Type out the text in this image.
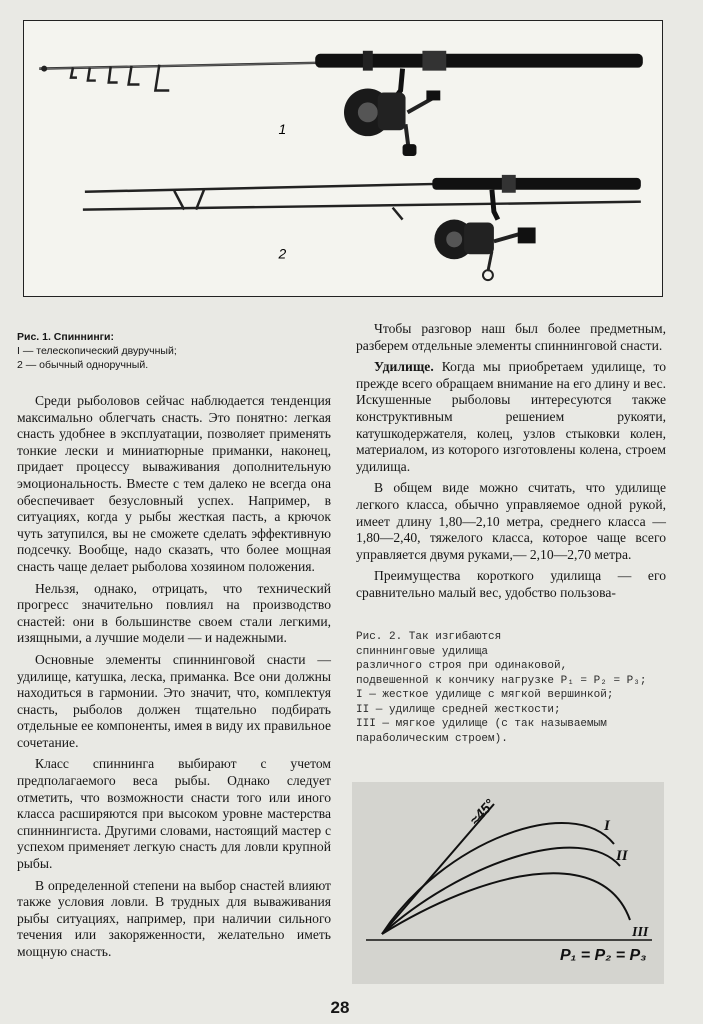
1
2
Рис. 1. Спиннинги:
I — телескопический двуручный;
2 — обычный одноручный.

Среди рыболовов сейчас наблюдается тенденция максимально облегчать снасть. Это понятно: легкая снасть удобнее в эксплуатации, позволяет применять тонкие лески и миниатюрные приманки, наконец, придает процессу вываживания дополнительную эмоциональность. Вместе с тем далеко не всегда она обеспечивает безусловный успех. Например, в ситуациях, когда у рыбы жесткая пасть, а крючок чуть затупился, вы не сможете сделать эффективную подсечку. Вообще, надо сказать, что более мощная снасть чаще делает рыболова хозяином положения.

Нельзя, однако, отрицать, что технический прогресс значительно повлиял на производство снастей: они в большинстве своем стали легкими, изящными, а лучшие модели — и надежными.

Основные элементы спиннинговой снасти — удилище, катушка, леска, приманка. Все они должны находиться в гармонии. Это значит, что, комплектуя снасть, рыболов должен тщательно подбирать отдельные ее компоненты, имея в виду их правильное сочетание.

Класс спиннинга выбирают с учетом предполагаемого веса рыбы. Однако следует отметить, что возможности снасти того или иного класса расширяются при высоком уровне мастерства спиннингиста. Другими словами, настоящий мастер с успехом применяет легкую снасть для ловли крупной рыбы.

В определенной степени на выбор снастей влияют также условия ловли. В трудных для вываживания рыбы ситуациях, например, при наличии сильного течения или закоряженности, желательно иметь мощную снасть.

Чтобы разговор наш был более предметным, разберем отдельные элементы спиннинговой снасти.

Удилище. Когда мы приобретаем удилище, то прежде всего обращаем внимание на его длину и вес. Искушенные рыболовы интересуются также конструктивным решением рукояти, катушкодержателя, колец, узлов стыковки колен, материалом, из которого изготовлены колена, строем удилища.

В общем виде можно считать, что удилище легкого класса, обычно управляемое одной рукой, имеет длину 1,80—2,10 метра, среднего класса — 1,80—2,40, тяжелого класса, которое чаще всего управляется двумя руками,— 2,10—2,70 метра.

Преимущества короткого удилища — его сравнительно малый вес, удобство пользова-

Рис. 2. Так изгибаются
спиннинговые удилища
различного строя при одинаковой,
подвешенной к кончику нагрузке P₁ = P₂ = P₃;
I — жесткое удилище с мягкой вершинкой;
II — удилище средней жесткости;
III — мягкое удилище (с так называемым
параболическим строем).
≈45°	I
II
III
P₁ = P₂ = P₃
28
